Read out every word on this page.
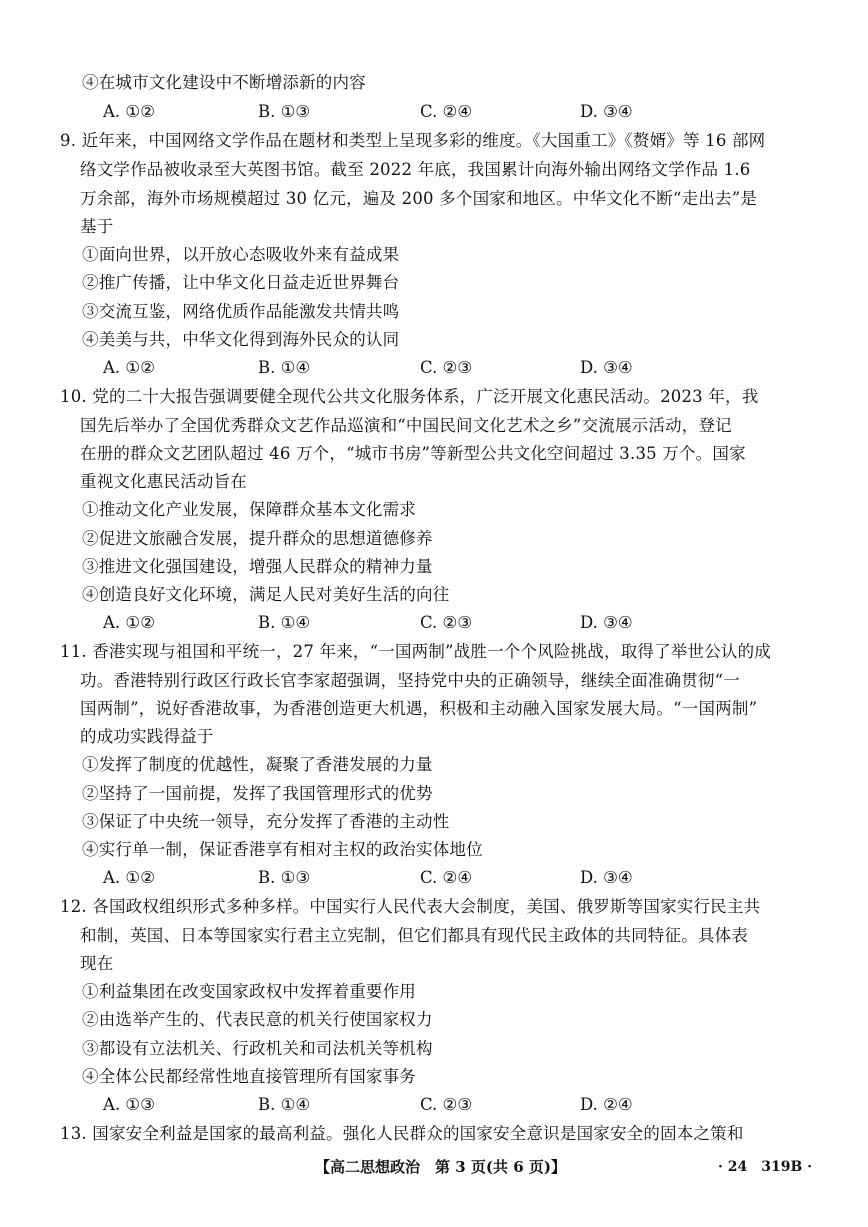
④在城市文化建设中不断增添新的内容
A. ①②	B. ①③	C. ②④	D. ③④
9. 近年来，中国网络文学作品在题材和类型上呈现多彩的维度。《大国重工》《赘婿》等 16 部网
络文学作品被收录至大英图书馆。截至 2022 年底，我国累计向海外输出网络文学作品 1.6
万余部，海外市场规模超过 30 亿元，遍及 200 多个国家和地区。中华文化不断“走出去”是
基于
①面向世界，以开放心态吸收外来有益成果
②推广传播，让中华文化日益走近世界舞台
③交流互鉴，网络优质作品能激发共情共鸣
④美美与共，中华文化得到海外民众的认同
A. ①②	B. ①④	C. ②③	D. ③④
10. 党的二十大报告强调要健全现代公共文化服务体系，广泛开展文化惠民活动。2023 年，我
国先后举办了全国优秀群众文艺作品巡演和“中国民间文化艺术之乡”交流展示活动，登记
在册的群众文艺团队超过 46 万个，“城市书房”等新型公共文化空间超过 3.35 万个。国家
重视文化惠民活动旨在
①推动文化产业发展，保障群众基本文化需求
②促进文旅融合发展，提升群众的思想道德修养
③推进文化强国建设，增强人民群众的精神力量
④创造良好文化环境，满足人民对美好生活的向往
A. ①②	B. ①④	C. ②③	D. ③④
11. 香港实现与祖国和平统一，27 年来，“一国两制”战胜一个个风险挑战，取得了举世公认的成
功。香港特别行政区行政长官李家超强调，坚持党中央的正确领导，继续全面准确贯彻“一
国两制”，说好香港故事，为香港创造更大机遇，积极和主动融入国家发展大局。“一国两制”
的成功实践得益于
①发挥了制度的优越性，凝聚了香港发展的力量
②坚持了一国前提，发挥了我国管理形式的优势
③保证了中央统一领导，充分发挥了香港的主动性
④实行单一制，保证香港享有相对主权的政治实体地位
A. ①②	B. ①③	C. ②④	D. ③④
12. 各国政权组织形式多种多样。中国实行人民代表大会制度，美国、俄罗斯等国家实行民主共
和制，英国、日本等国家实行君主立宪制，但它们都具有现代民主政体的共同特征。具体表
现在
①利益集团在改变国家政权中发挥着重要作用
②由选举产生的、代表民意的机关行使国家权力
③都设有立法机关、行政机关和司法机关等机构
④全体公民都经常性地直接管理所有国家事务
A. ①③	B. ①④	C. ②③	D. ②④
13. 国家安全利益是国家的最高利益。强化人民群众的国家安全意识是国家安全的固本之策和
【高二思想政治　第 3 页(共 6 页)】	· 24　319B ·
